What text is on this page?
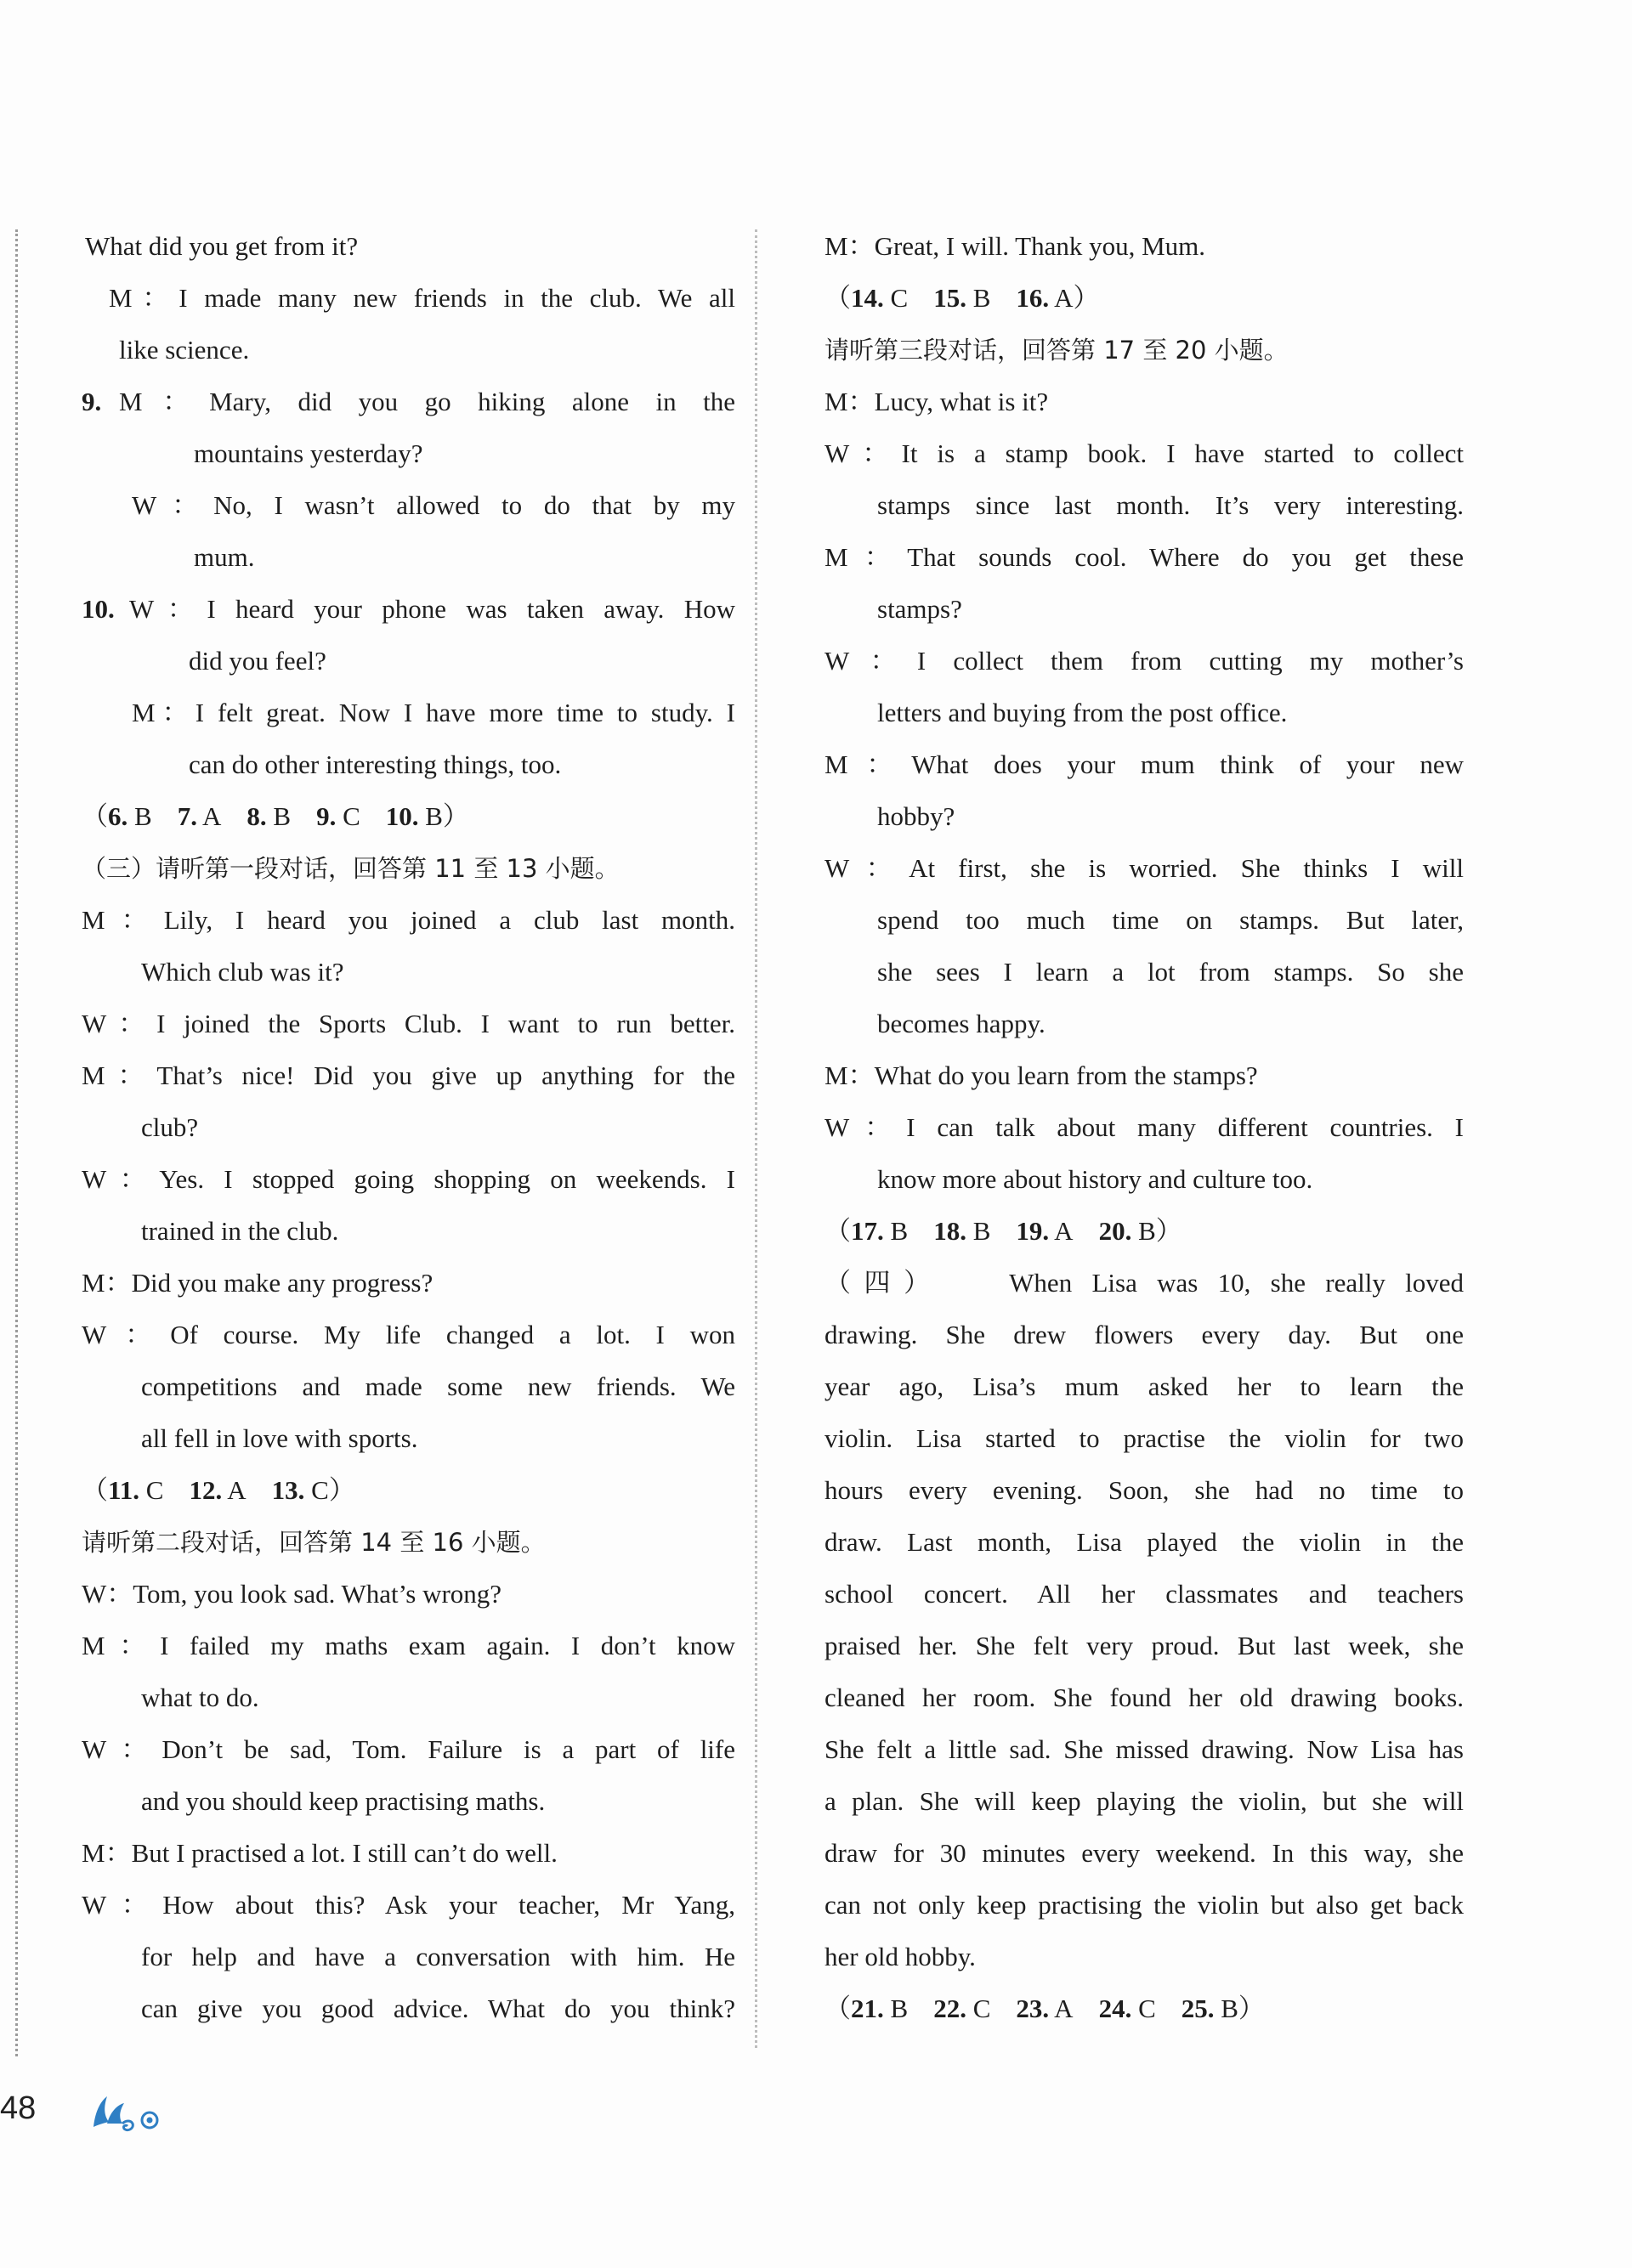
What did you get from it?
M：I made many new friends in the club. We all
like science.
9. M：Mary, did you go hiking alone in the
mountains yesterday?
W：No, I wasn’t allowed to do that by my
mum.
10. W：I heard your phone was taken away. How
did you feel?
M：I felt great. Now I have more time to study. I
can do other interesting things, too.
（6. B 7. A 8. B 9. C 10. B）
（三）请听第一段对话，回答第 11 至 13 小题。
M：Lily, I heard you joined a club last month.
Which club was it?
W：I joined the Sports Club. I want to run better.
M：That’s nice! Did you give up anything for the
club?
W：Yes. I stopped going shopping on weekends. I
trained in the club.
M：Did you make any progress?
W：Of course. My life changed a lot. I won
competitions and made some new friends. We
all fell in love with sports.
（11. C 12. A 13. C）
请听第二段对话，回答第 14 至 16 小题。
W：Tom, you look sad. What’s wrong?
M：I failed my maths exam again. I don’t know
what to do.
W：Don’t be sad, Tom. Failure is a part of life
and you should keep practising maths.
M：But I practised a lot. I still can’t do well.
W：How about this? Ask your teacher, Mr Yang,
for help and have a conversation with him. He
can give you good advice. What do you think?
M：Great, I will. Thank you, Mum.
（14. C 15. B 16. A）
请听第三段对话，回答第 17 至 20 小题。
M：Lucy, what is it?
W：It is a stamp book. I have started to collect
stamps since last month. It’s very interesting.
M：That sounds cool. Where do you get these
stamps?
W：I collect them from cutting my mother’s
letters and buying from the post office.
M：What does your mum think of your new
hobby?
W：At first, she is worried. She thinks I will
spend too much time on stamps. But later,
she sees I learn a lot from stamps. So she
becomes happy.
M：What do you learn from the stamps?
W：I can talk about many different countries. I
know more about history and culture too.
（17. B 18. B 19. A 20. B）
（四）　　When Lisa was 10, she really loved
drawing. She drew flowers every day. But one
year ago, Lisa’s mum asked her to learn the
violin. Lisa started to practise the violin for two
hours every evening. Soon, she had no time to
draw. Last month, Lisa played the violin in the
school concert. All her classmates and teachers
praised her. She felt very proud. But last week, she
cleaned her room. She found her old drawing books.
She felt a little sad. She missed drawing. Now Lisa has
a plan. She will keep playing the violin, but she will
draw for 30 minutes every weekend. In this way, she
can not only keep practising the violin but also get back
her old hobby.
（21. B 22. C 23. A 24. C 25. B）
48
